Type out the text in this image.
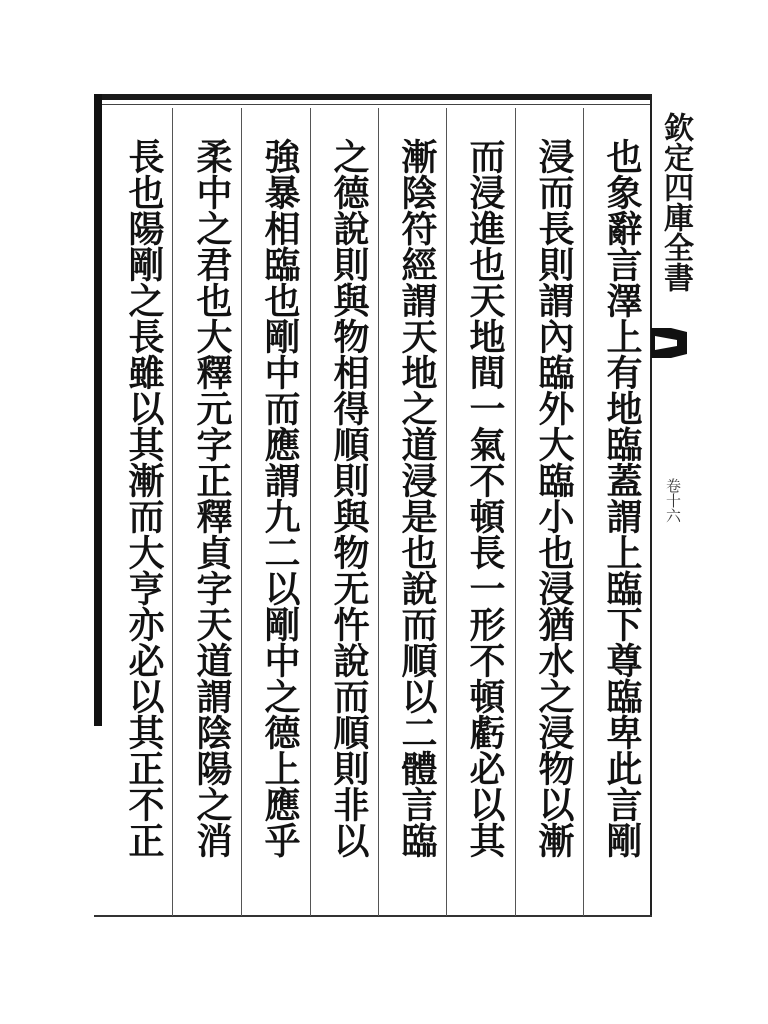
欽定四庫全書
卷十六
也象辭言澤上有地臨蓋謂上臨下尊臨卑此言剛
浸而長則謂內臨外大臨小也浸猶水之浸物以漸
而浸進也天地間一氣不頓長一形不頓虧必以其
漸陰符經謂天地之道浸是也說而順以二體言臨
之德說則與物相得順則與物无忤說而順則非以
強暴相臨也剛中而應謂九二以剛中之德上應乎
柔中之君也大釋元字正釋貞字天道謂陰陽之消
長也陽剛之長雖以其漸而大亨亦必以其正不正
